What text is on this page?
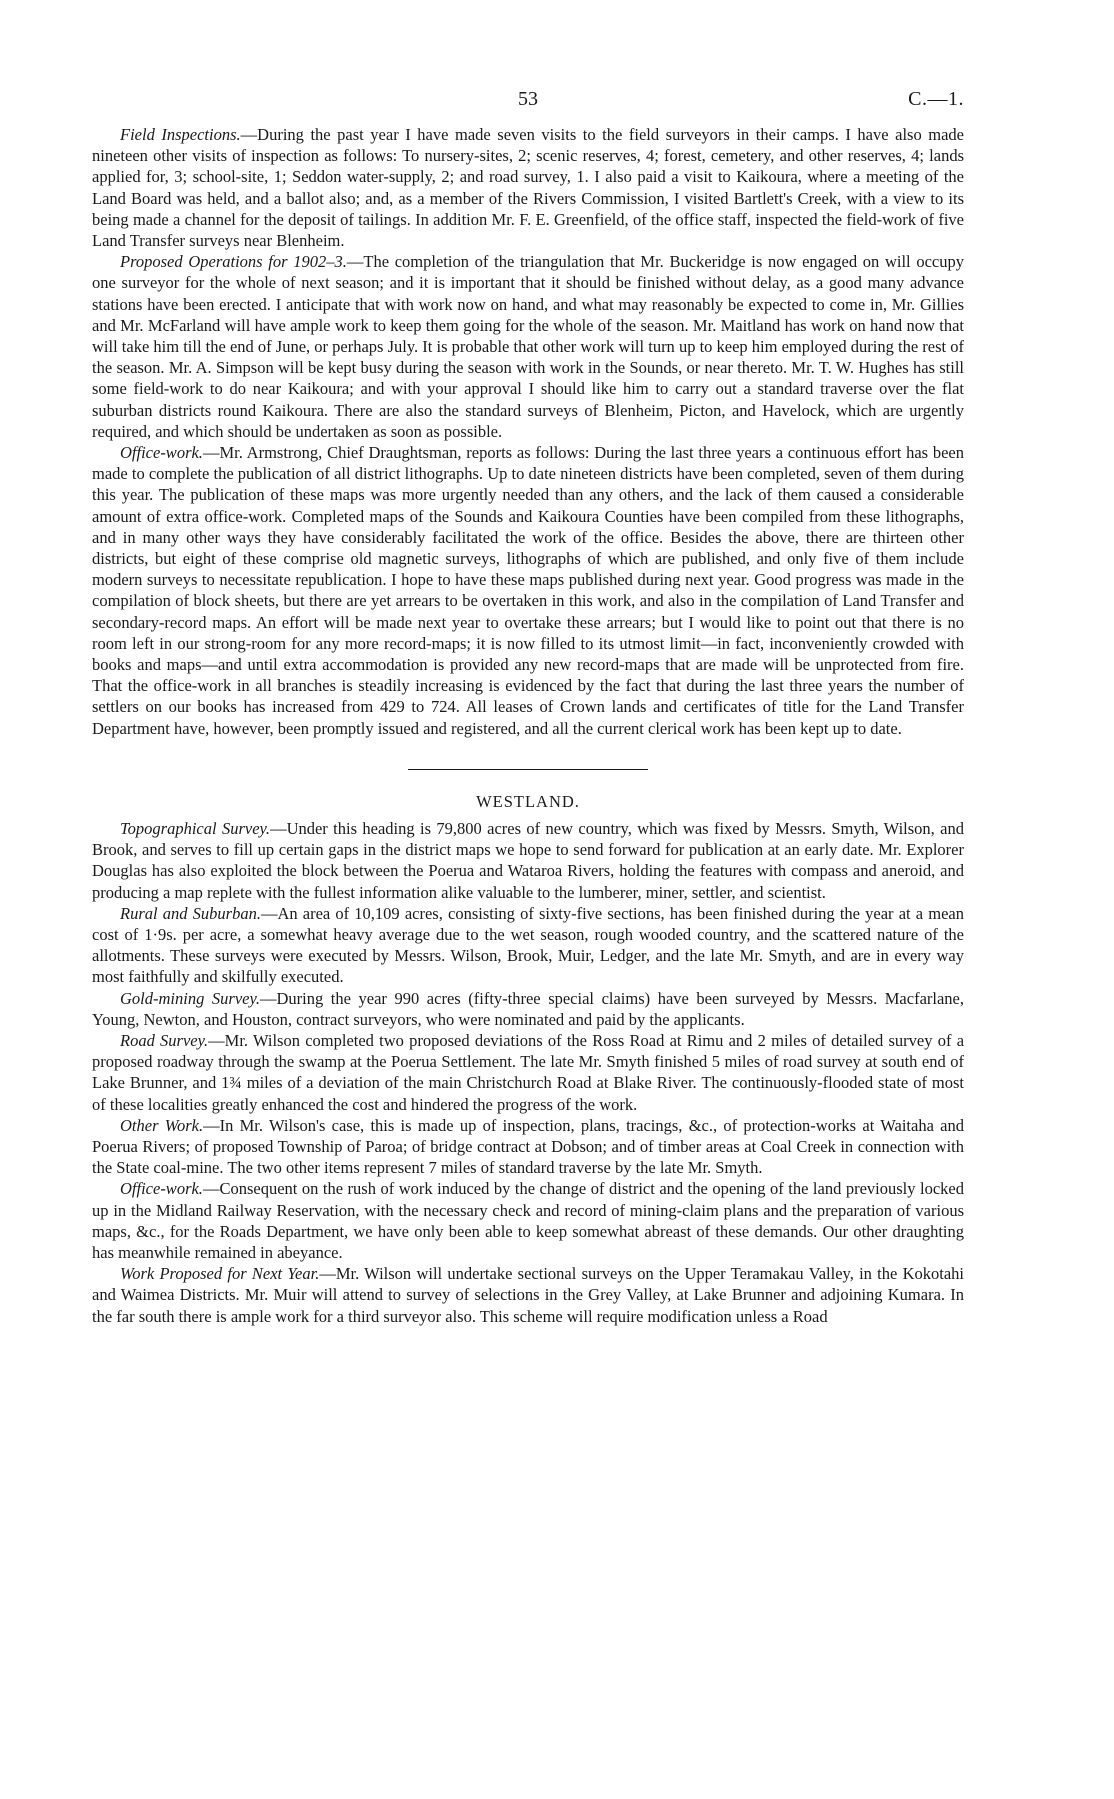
53	C.—1.

Field Inspections.—During the past year I have made seven visits to the field surveyors in their camps. I have also made nineteen other visits of inspection as follows: To nursery-sites, 2; scenic reserves, 4; forest, cemetery, and other reserves, 4; lands applied for, 3; school-site, 1; Seddon water-supply, 2; and road survey, 1. I also paid a visit to Kaikoura, where a meeting of the Land Board was held, and a ballot also; and, as a member of the Rivers Commission, I visited Bartlett's Creek, with a view to its being made a channel for the deposit of tailings. In addition Mr. F. E. Greenfield, of the office staff, inspected the field-work of five Land Transfer surveys near Blenheim.

Proposed Operations for 1902–3.—The completion of the triangulation that Mr. Buckeridge is now engaged on will occupy one surveyor for the whole of next season; and it is important that it should be finished without delay, as a good many advance stations have been erected. I anticipate that with work now on hand, and what may reasonably be expected to come in, Mr. Gillies and Mr. McFarland will have ample work to keep them going for the whole of the season. Mr. Maitland has work on hand now that will take him till the end of June, or perhaps July. It is probable that other work will turn up to keep him employed during the rest of the season. Mr. A. Simpson will be kept busy during the season with work in the Sounds, or near thereto. Mr. T. W. Hughes has still some field-work to do near Kaikoura; and with your approval I should like him to carry out a standard traverse over the flat suburban districts round Kaikoura. There are also the standard surveys of Blenheim, Picton, and Havelock, which are urgently required, and which should be undertaken as soon as possible.

Office-work.—Mr. Armstrong, Chief Draughtsman, reports as follows: During the last three years a continuous effort has been made to complete the publication of all district lithographs. Up to date nineteen districts have been completed, seven of them during this year. The publication of these maps was more urgently needed than any others, and the lack of them caused a considerable amount of extra office-work. Completed maps of the Sounds and Kaikoura Counties have been compiled from these lithographs, and in many other ways they have considerably facilitated the work of the office. Besides the above, there are thirteen other districts, but eight of these comprise old magnetic surveys, lithographs of which are published, and only five of them include modern surveys to necessitate republication. I hope to have these maps published during next year. Good progress was made in the compilation of block sheets, but there are yet arrears to be overtaken in this work, and also in the compilation of Land Transfer and secondary-record maps. An effort will be made next year to overtake these arrears; but I would like to point out that there is no room left in our strong-room for any more record-maps; it is now filled to its utmost limit—in fact, inconveniently crowded with books and maps—and until extra accommodation is provided any new record-maps that are made will be unprotected from fire. That the office-work in all branches is steadily increasing is evidenced by the fact that during the last three years the number of settlers on our books has increased from 429 to 724. All leases of Crown lands and certificates of title for the Land Transfer Department have, however, been promptly issued and registered, and all the current clerical work has been kept up to date.

WESTLAND.

Topographical Survey.—Under this heading is 79,800 acres of new country, which was fixed by Messrs. Smyth, Wilson, and Brook, and serves to fill up certain gaps in the district maps we hope to send forward for publication at an early date. Mr. Explorer Douglas has also exploited the block between the Poerua and Wataroa Rivers, holding the features with compass and aneroid, and producing a map replete with the fullest information alike valuable to the lumberer, miner, settler, and scientist.

Rural and Suburban.—An area of 10,109 acres, consisting of sixty-five sections, has been finished during the year at a mean cost of 1·9s. per acre, a somewhat heavy average due to the wet season, rough wooded country, and the scattered nature of the allotments. These surveys were executed by Messrs. Wilson, Brook, Muir, Ledger, and the late Mr. Smyth, and are in every way most faithfully and skilfully executed.

Gold-mining Survey.—During the year 990 acres (fifty-three special claims) have been surveyed by Messrs. Macfarlane, Young, Newton, and Houston, contract surveyors, who were nominated and paid by the applicants.

Road Survey.—Mr. Wilson completed two proposed deviations of the Ross Road at Rimu and 2 miles of detailed survey of a proposed roadway through the swamp at the Poerua Settlement. The late Mr. Smyth finished 5 miles of road survey at south end of Lake Brunner, and 1¾ miles of a deviation of the main Christchurch Road at Blake River. The continuously-flooded state of most of these localities greatly enhanced the cost and hindered the progress of the work.

Other Work.—In Mr. Wilson's case, this is made up of inspection, plans, tracings, &c., of protection-works at Waitaha and Poerua Rivers; of proposed Township of Paroa; of bridge contract at Dobson; and of timber areas at Coal Creek in connection with the State coal-mine. The two other items represent 7 miles of standard traverse by the late Mr. Smyth.

Office-work.—Consequent on the rush of work induced by the change of district and the opening of the land previously locked up in the Midland Railway Reservation, with the necessary check and record of mining-claim plans and the preparation of various maps, &c., for the Roads Department, we have only been able to keep somewhat abreast of these demands. Our other draughting has meanwhile remained in abeyance.

Work Proposed for Next Year.—Mr. Wilson will undertake sectional surveys on the Upper Teramakau Valley, in the Kokotahi and Waimea Districts. Mr. Muir will attend to survey of selections in the Grey Valley, at Lake Brunner and adjoining Kumara. In the far south there is ample work for a third surveyor also. This scheme will require modification unless a Road
